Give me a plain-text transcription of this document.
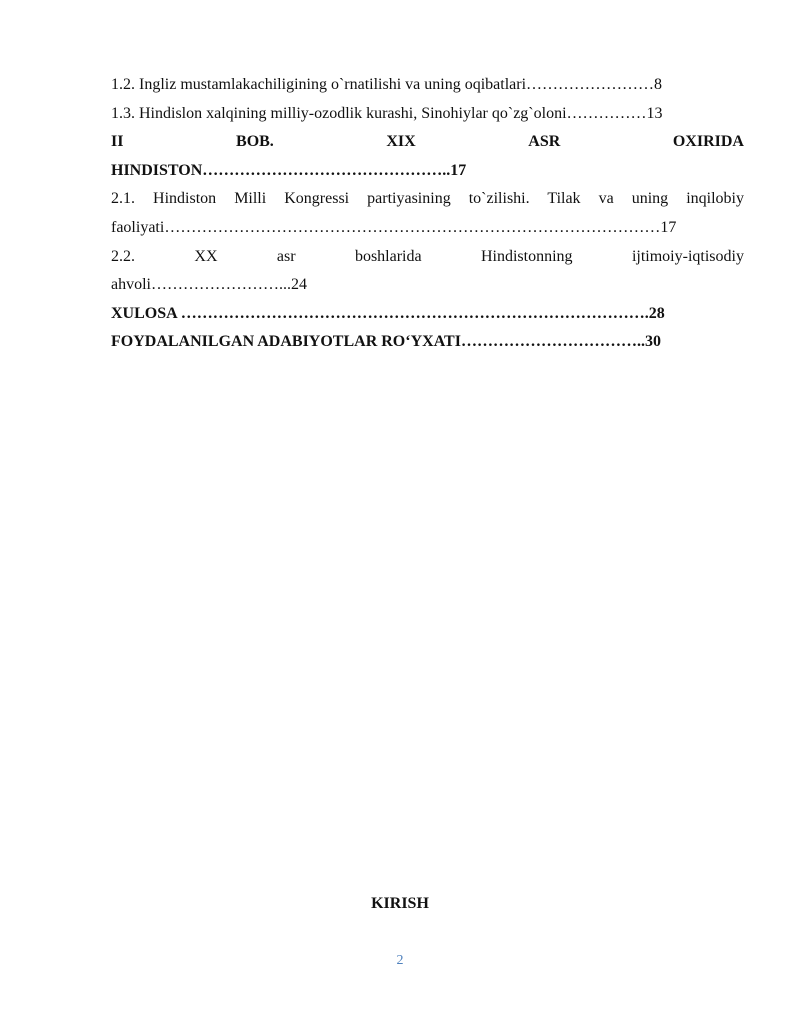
1.2. Ingliz mustamlakachiligining o`rnatilishi va uning oqibatlari……………………8
1.3. Hindislon xalqining milliy-ozodlik kurashi, Sinohiylar qo`zg`oloni……………13
II	BOB.	XIX	ASR	OXIRIDA
HINDISTON………………………………………..17
2.1. Hindiston Milli Kongressi partiyasining to`zilishi. Tilak va uning inqilobiy
faoliyati…………………………………………………………………………………17
2.2.	XX	asr	boshlarida	Hindistonning	ijtimoiy-iqtisodiy
ahvoli……………………...24
XULOSA …………………………………………………………………………….28
FOYDALANILGAN ADABIYOTLAR RO‘YXATI……………………………..30
KIRISH
2
